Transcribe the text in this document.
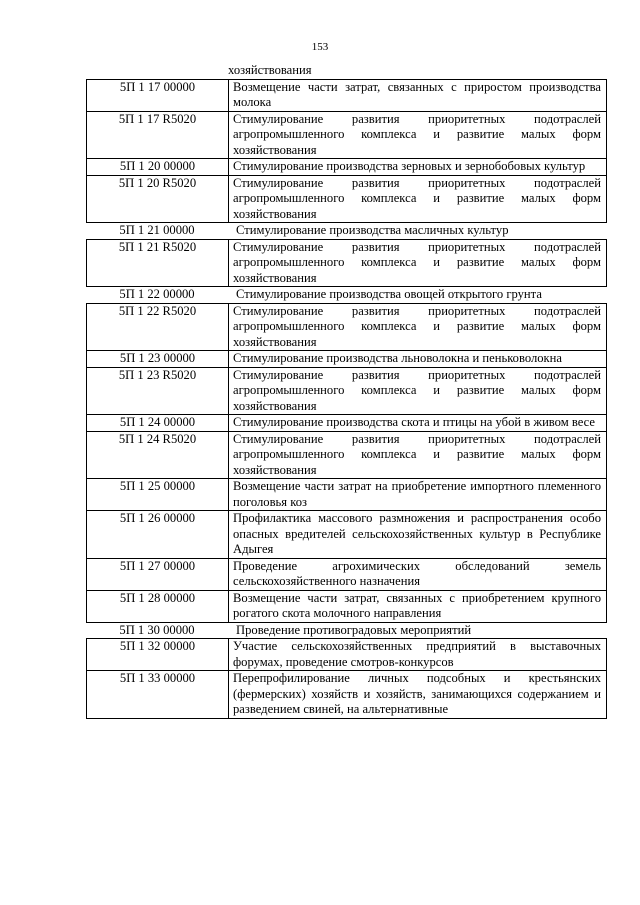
153
хозяйствования
5П 1 17 00000	Возмещение части затрат, связанных с приростом производства молока
5П 1 17 R5020	Стимулирование развития приоритетных подотраслей агропромышленного комплекса и развитие малых форм хозяйствования
5П 1 20 00000	Стимулирование производства зерновых и зернобобовых культур
5П 1 20 R5020	Стимулирование развития приоритетных подотраслей агропромышленного комплекса и развитие малых форм хозяйствования
5П 1 21 00000	Стимулирование производства масличных культур
5П 1 21 R5020	Стимулирование развития приоритетных подотраслей агропромышленного комплекса и развитие малых форм хозяйствования
5П 1 22 00000	Стимулирование производства овощей открытого грунта
5П 1 22 R5020	Стимулирование развития приоритетных подотраслей агропромышленного комплекса и развитие малых форм хозяйствования
5П 1 23 00000	Стимулирование производства льноволокна и пеньковолокна
5П 1 23 R5020	Стимулирование развития приоритетных подотраслей агропромышленного комплекса и развитие малых форм хозяйствования
5П 1 24 00000	Стимулирование производства скота и птицы на убой в живом весе
5П 1 24 R5020	Стимулирование развития приоритетных подотраслей агропромышленного комплекса и развитие малых форм хозяйствования
5П 1 25 00000	Возмещение части затрат на приобретение импортного племенного поголовья коз
5П 1 26 00000	Профилактика массового размножения и распространения особо опасных вредителей сельскохозяйственных культур в Республике Адыгея
5П 1 27 00000	Проведение агрохимических обследований земель сельскохозяйственного назначения
5П 1 28 00000	Возмещение части затрат, связанных с приобретением крупного рогатого скота молочного направления
5П 1 30 00000	Проведение противоградовых мероприятий
5П 1 32 00000	Участие сельскохозяйственных предприятий в выставочных форумах, проведение смотров-конкурсов
5П 1 33 00000	Перепрофилирование личных подсобных и крестьянских (фермерских) хозяйств и хозяйств, занимающихся содержанием и разведением свиней, на альтернативные
